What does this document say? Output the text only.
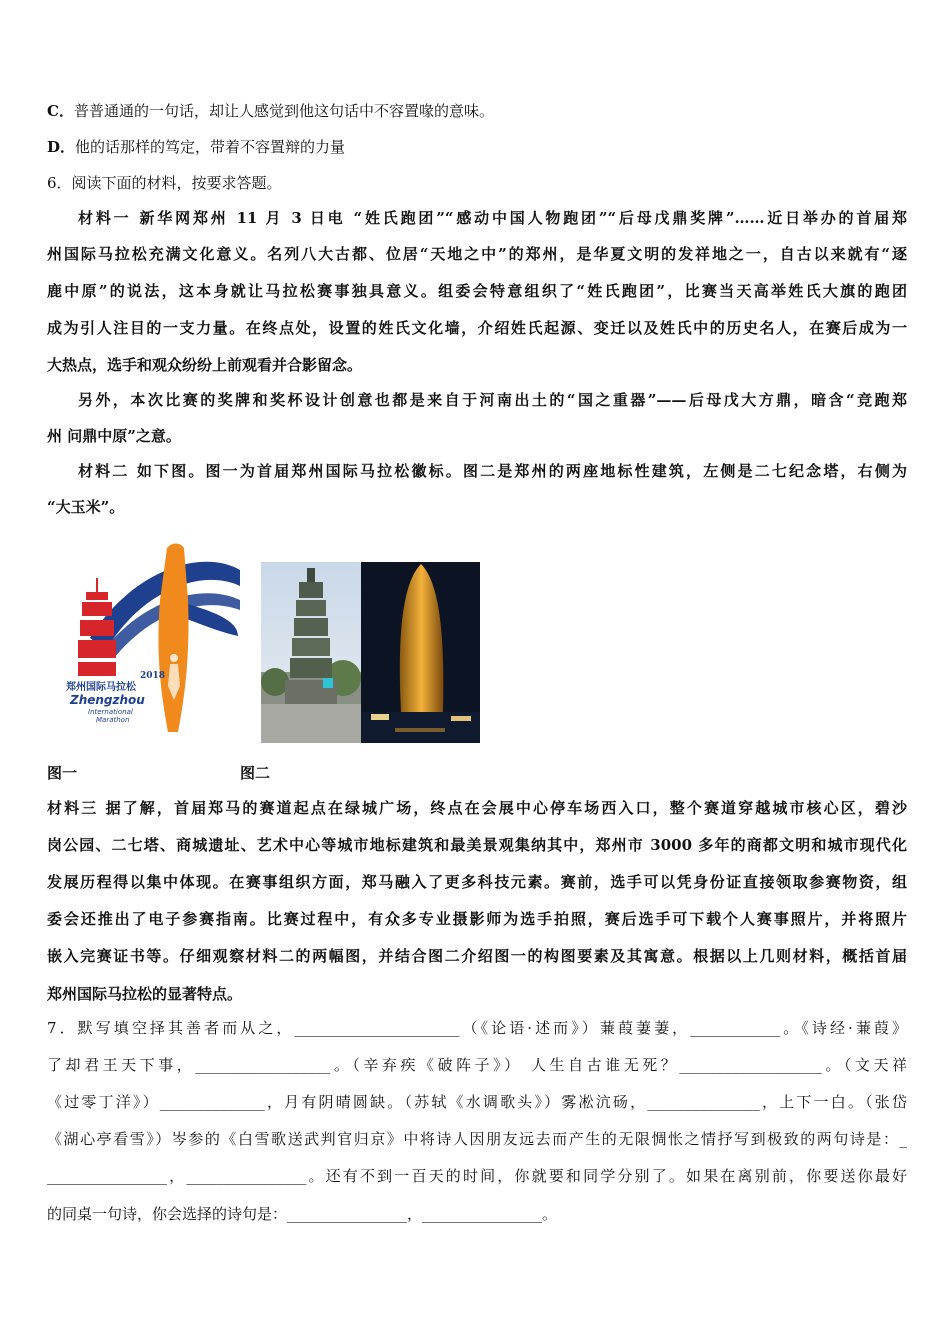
C．普普通通的一句话，却让人感觉到他这句话中不容置喙的意味。
D．他的话那样的笃定，带着不容置辩的力量
6．阅读下面的材料，按要求答题。
材料一 新华网郑州 11 月 3 日电 “姓氏跑团”“感动中国人物跑团”“后母戊鼎奖牌”……近日举办的首届郑
州国际马拉松充满文化意义。名列八大古都、位居“天地之中”的郑州，是华夏文明的发祥地之一，自古以来就有“逐
鹿中原”的说法，这本身就让马拉松赛事独具意义。组委会特意组织了“姓氏跑团”，比赛当天高举姓氏大旗的跑团
成为引人注目的一支力量。在终点处，设置的姓氏文化墙，介绍姓氏起源、变迁以及姓氏中的历史名人，在赛后成为一
大热点，选手和观众纷纷上前观看并合影留念。
另外，本次比赛的奖牌和奖杯设计创意也都是来自于河南出土的“国之重器”——后母戊大方鼎，暗含“竞跑郑
州 问鼎中原”之意。
材料二 如下图。图一为首届郑州国际马拉松徽标。图二是郑州的两座地标性建筑，左侧是二七纪念塔，右侧为
“大玉米”。
2018
郑州国际马拉松
Zhengzhou
International
Marathon
图一	图二
材料三 据了解，首届郑马的赛道起点在绿城广场，终点在会展中心停车场西入口，整个赛道穿越城市核心区，碧沙
岗公园、二七塔、商城遗址、艺术中心等城市地标建筑和最美景观集纳其中，郑州市 3000 多年的商都文明和城市现代化
发展历程得以集中体现。在赛事组织方面，郑马融入了更多科技元素。赛前，选手可以凭身份证直接领取参赛物资，组
委会还推出了电子参赛指南。比赛过程中，有众多专业摄影师为选手拍照，赛后选手可下载个人赛事照片，并将照片
嵌入完赛证书等。仔细观察材料二的两幅图，并结合图二介绍图一的构图要素及其寓意。根据以上几则材料，概括首届
郑州国际马拉松的显著特点。
7．默写填空择其善者而从之，______________________（《论语·述而》）蒹葭萋萋，____________。《诗经·蒹葭》
了却君王天下事，__________________。（辛弃疾《破阵子》） 人生自古谁无死？___________________。（文天祥
《过零丁洋》）______________，月有阴晴圆缺。（苏轼《水调歌头》）雾凇沆砀，_______________，上下一白。（张岱
《湖心亭看雪》）岑参的《白雪歌送武判官归京》中将诗人因朋友远去而产生的无限惆怅之情抒写到极致的两句诗是：_
________________，________________。还有不到一百天的时间，你就要和同学分别了。如果在离别前，你要送你最好
的同桌一句诗，你会选择的诗句是：________________，________________。
